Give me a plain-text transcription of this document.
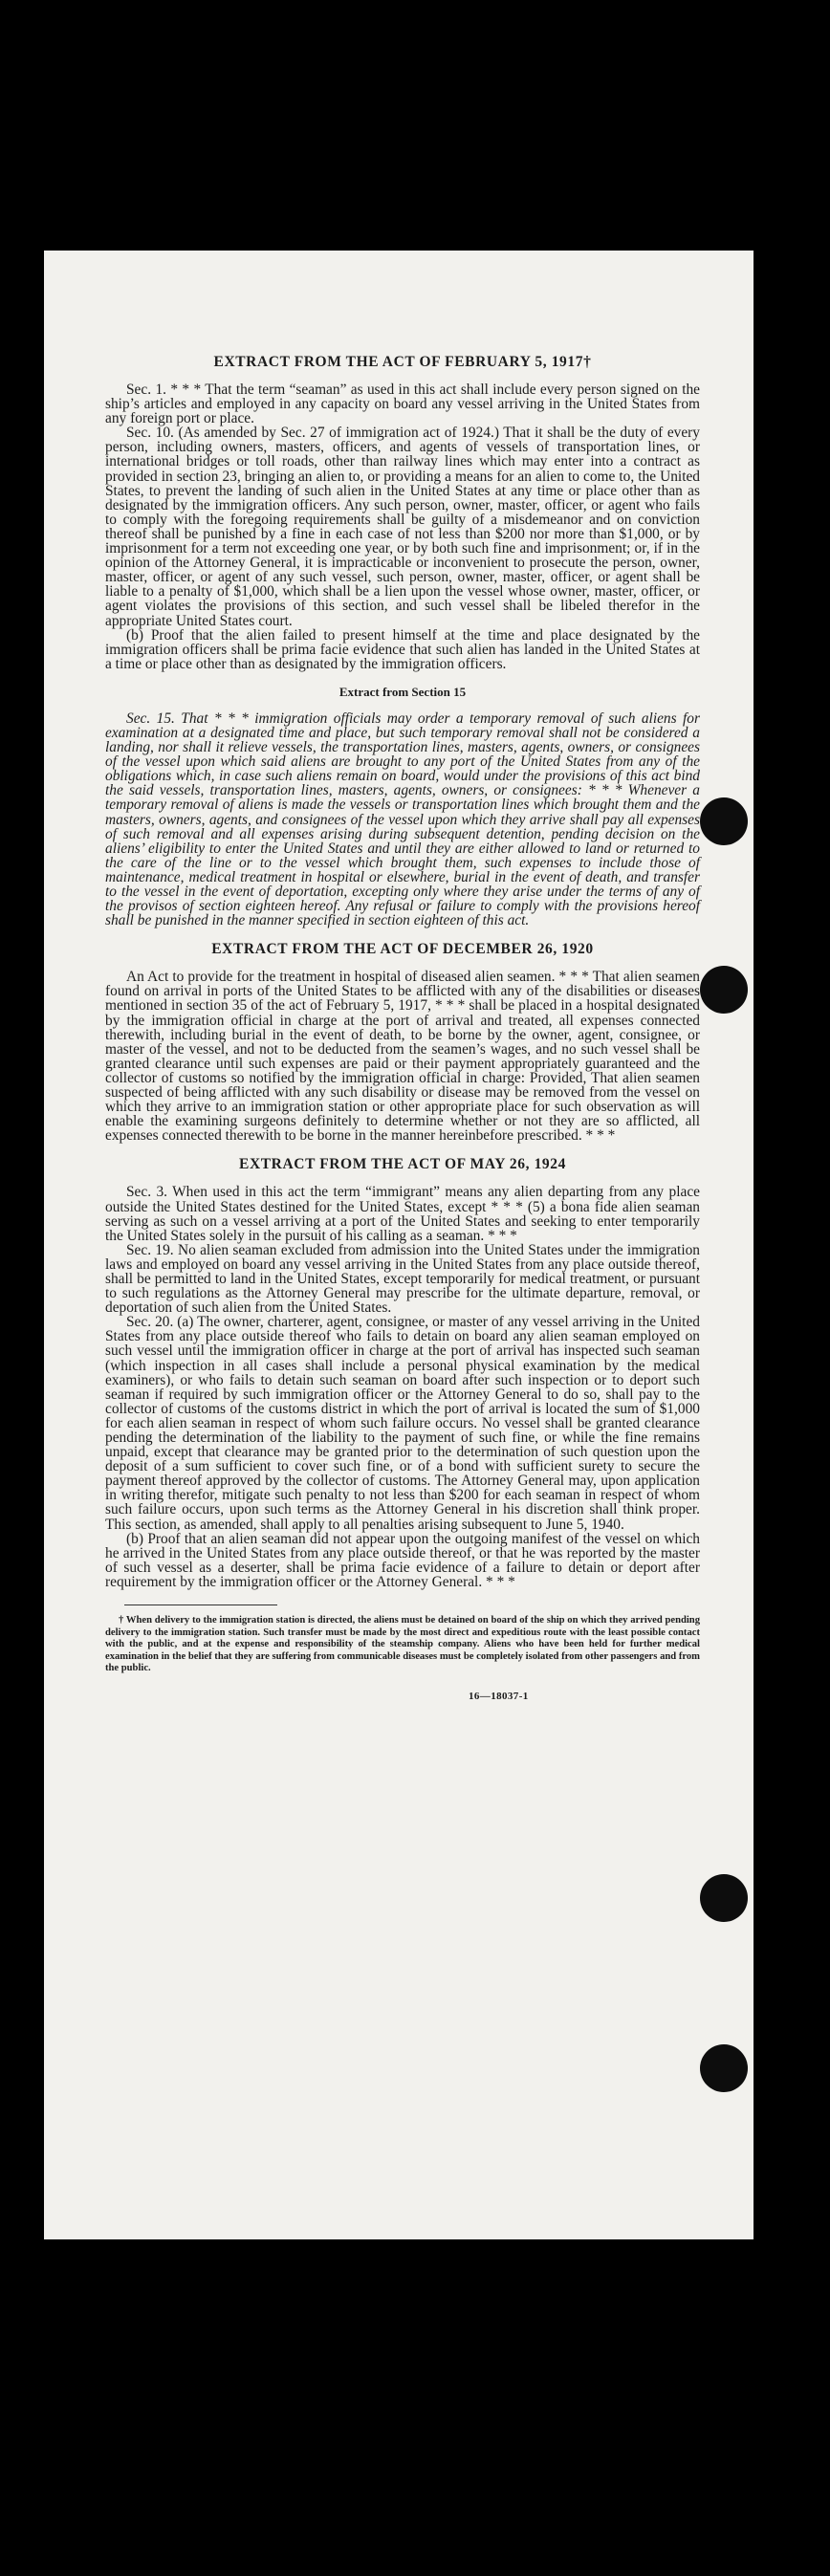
EXTRACT FROM THE ACT OF FEBRUARY 5, 1917†

Sec. 1. * * * That the term “seaman” as used in this act shall include every person signed on the ship’s articles and employed in any capacity on board any vessel arriving in the United States from any foreign port or place.

Sec. 10. (As amended by Sec. 27 of immigration act of 1924.) That it shall be the duty of every person, including owners, masters, officers, and agents of vessels of transportation lines, or international bridges or toll roads, other than railway lines which may enter into a contract as provided in section 23, bringing an alien to, or providing a means for an alien to come to, the United States, to prevent the landing of such alien in the United States at any time or place other than as designated by the immigration officers. Any such person, owner, master, officer, or agent who fails to comply with the foregoing requirements shall be guilty of a misdemeanor and on conviction thereof shall be punished by a fine in each case of not less than $200 nor more than $1,000, or by imprisonment for a term not exceeding one year, or by both such fine and imprisonment; or, if in the opinion of the Attorney General, it is impracticable or inconvenient to prosecute the person, owner, master, officer, or agent of any such vessel, such person, owner, master, officer, or agent shall be liable to a penalty of $1,000, which shall be a lien upon the vessel whose owner, master, officer, or agent violates the provisions of this section, and such vessel shall be libeled therefor in the appropriate United States court.

(b) Proof that the alien failed to present himself at the time and place designated by the immigration officers shall be prima facie evidence that such alien has landed in the United States at a time or place other than as designated by the immigration officers.

Extract from Section 15

Sec. 15. That * * * immigration officials may order a temporary removal of such aliens for examination at a designated time and place, but such temporary removal shall not be considered a landing, nor shall it relieve vessels, the transportation lines, masters, agents, owners, or consignees of the vessel upon which said aliens are brought to any port of the United States from any of the obligations which, in case such aliens remain on board, would under the provisions of this act bind the said vessels, transportation lines, masters, agents, owners, or consignees: * * * Whenever a temporary removal of aliens is made the vessels or transportation lines which brought them and the masters, owners, agents, and consignees of the vessel upon which they arrive shall pay all expenses of such removal and all expenses arising during subsequent detention, pending decision on the aliens’ eligibility to enter the United States and until they are either allowed to land or returned to the care of the line or to the vessel which brought them, such expenses to include those of maintenance, medical treatment in hospital or elsewhere, burial in the event of death, and transfer to the vessel in the event of deportation, excepting only where they arise under the terms of any of the provisos of section eighteen hereof. Any refusal or failure to comply with the provisions hereof shall be punished in the manner specified in section eighteen of this act.

EXTRACT FROM THE ACT OF DECEMBER 26, 1920

An Act to provide for the treatment in hospital of diseased alien seamen. * * * That alien seamen found on arrival in ports of the United States to be afflicted with any of the disabilities or diseases mentioned in section 35 of the act of February 5, 1917, * * * shall be placed in a hospital designated by the immigration official in charge at the port of arrival and treated, all expenses connected therewith, including burial in the event of death, to be borne by the owner, agent, consignee, or master of the vessel, and not to be deducted from the seamen’s wages, and no such vessel shall be granted clearance until such expenses are paid or their payment appropriately guaranteed and the collector of customs so notified by the immigration official in charge: Provided, That alien seamen suspected of being afflicted with any such disability or disease may be removed from the vessel on which they arrive to an immigration station or other appropriate place for such observation as will enable the examining surgeons definitely to determine whether or not they are so afflicted, all expenses connected therewith to be borne in the manner hereinbefore prescribed. * * *

EXTRACT FROM THE ACT OF MAY 26, 1924

Sec. 3. When used in this act the term “immigrant” means any alien departing from any place outside the United States destined for the United States, except * * * (5) a bona fide alien seaman serving as such on a vessel arriving at a port of the United States and seeking to enter temporarily the United States solely in the pursuit of his calling as a seaman. * * *

Sec. 19. No alien seaman excluded from admission into the United States under the immigration laws and employed on board any vessel arriving in the United States from any place outside thereof, shall be permitted to land in the United States, except temporarily for medical treatment, or pursuant to such regulations as the Attorney General may prescribe for the ultimate departure, removal, or deportation of such alien from the United States.

Sec. 20. (a) The owner, charterer, agent, consignee, or master of any vessel arriving in the United States from any place outside thereof who fails to detain on board any alien seaman employed on such vessel until the immigration officer in charge at the port of arrival has inspected such seaman (which inspection in all cases shall include a personal physical examination by the medical examiners), or who fails to detain such seaman on board after such inspection or to deport such seaman if required by such immigration officer or the Attorney General to do so, shall pay to the collector of customs of the customs district in which the port of arrival is located the sum of $1,000 for each alien seaman in respect of whom such failure occurs. No vessel shall be granted clearance pending the determination of the liability to the payment of such fine, or while the fine remains unpaid, except that clearance may be granted prior to the determination of such question upon the deposit of a sum sufficient to cover such fine, or of a bond with sufficient surety to secure the payment thereof approved by the collector of customs. The Attorney General may, upon application in writing therefor, mitigate such penalty to not less than $200 for each seaman in respect of whom such failure occurs, upon such terms as the Attorney General in his discretion shall think proper. This section, as amended, shall apply to all penalties arising subsequent to June 5, 1940.

(b) Proof that an alien seaman did not appear upon the outgoing manifest of the vessel on which he arrived in the United States from any place outside thereof, or that he was reported by the master of such vessel as a deserter, shall be prima facie evidence of a failure to detain or deport after requirement by the immigration officer or the Attorney General. * * *

† When delivery to the immigration station is directed, the aliens must be detained on board of the ship on which they arrived pending delivery to the immigration station. Such transfer must be made by the most direct and expeditious route with the least possible contact with the public, and at the expense and responsibility of the steamship company. Aliens who have been held for further medical examination in the belief that they are suffering from communicable diseases must be completely isolated from other passengers and from the public.

16—18037-1
